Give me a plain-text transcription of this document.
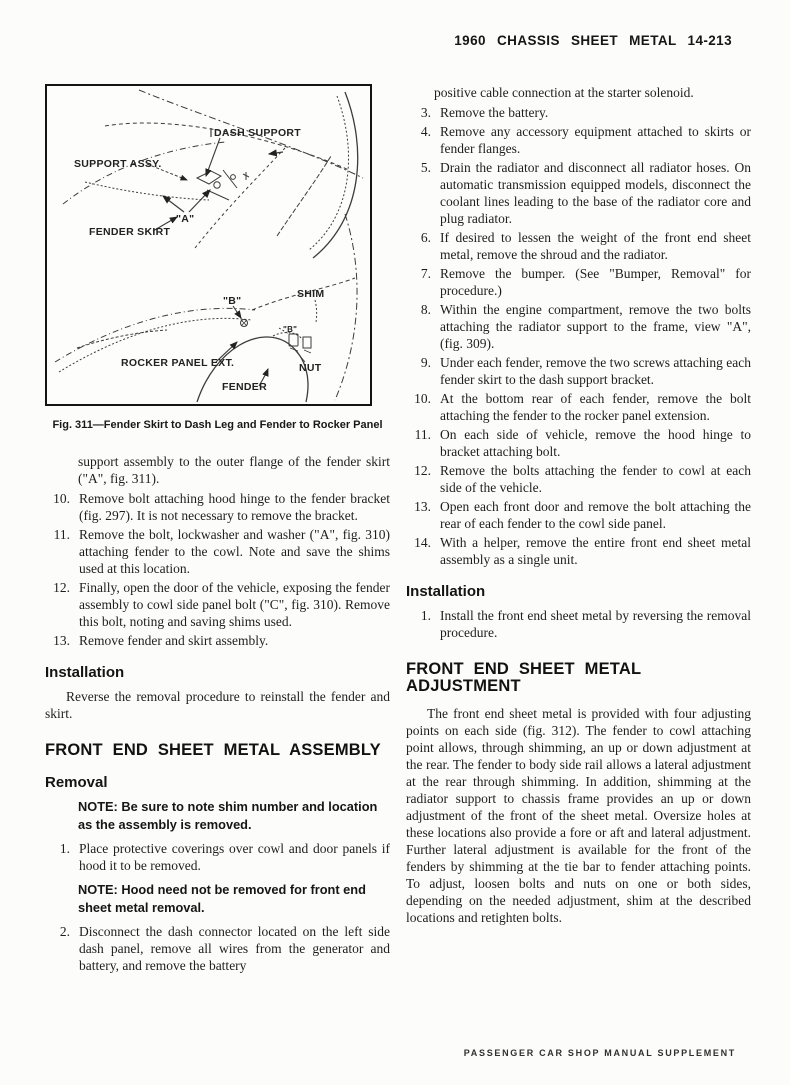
1960 CHASSIS SHEET METAL 14-213
DASH SUPPORT
SUPPORT ASSY.
"A"
FENDER SKIRT
"B"
SHIM
"B"
ROCKER PANEL EXT.	NUT
FENDER
Fig. 311—Fender Skirt to Dash Leg and Fender to Rocker Panel

support assembly to the outer flange of the fender skirt ("A", fig. 311).

10. Remove bolt attaching hood hinge to the fender bracket (fig. 297). It is not necessary to remove the bracket.
11. Remove the bolt, lockwasher and washer ("A", fig. 310) attaching fender to the cowl. Note and save the shims used at this location.
12. Finally, open the door of the vehicle, exposing the fender assembly to cowl side panel bolt ("C", fig. 310). Remove this bolt, noting and saving shims used.
13. Remove fender and skirt assembly.
Installation

Reverse the removal procedure to reinstall the fender and skirt.

FRONT END SHEET METAL ASSEMBLY
Removal
NOTE: Be sure to note shim number and location as the assembly is removed.
1. Place protective coverings over cowl and door panels if hood it to be removed.
NOTE: Hood need not be removed for front end sheet metal removal.
2. Disconnect the dash connector located on the left side dash panel, remove all wires from the generator and battery, and remove the battery

positive cable connection at the starter solenoid.

3. Remove the battery.
4. Remove any accessory equipment attached to skirts or fender flanges.
5. Drain the radiator and disconnect all radiator hoses. On automatic transmission equipped models, disconnect the coolant lines leading to the base of the radiator core and plug radiator.
6. If desired to lessen the weight of the front end sheet metal, remove the shroud and the radiator.
7. Remove the bumper. (See "Bumper, Removal" for procedure.)
8. Within the engine compartment, remove the two bolts attaching the radiator support to the frame, view "A", (fig. 309).
9. Under each fender, remove the two screws attaching each fender skirt to the dash support bracket.
10. At the bottom rear of each fender, remove the bolt attaching the fender to the rocker panel extension.
11. On each side of vehicle, remove the hood hinge to bracket attaching bolt.
12. Remove the bolts attaching the fender to cowl at each side of the vehicle.
13. Open each front door and remove the bolt attaching the rear of each fender to the cowl side panel.
14. With a helper, remove the entire front end sheet metal assembly as a single unit.
Installation
1. Install the front end sheet metal by reversing the removal procedure.
FRONT END SHEET METAL ADJUSTMENT

The front end sheet metal is provided with four adjusting points on each side (fig. 312). The fender to cowl attaching point allows, through shimming, an up or down adjustment at the rear. The fender to body side rail allows a lateral adjustment at the rear through shimming. In addition, shimming at the radiator support to chassis frame provides an up or down adjustment of the front of the sheet metal. Oversize holes at these locations also provide a fore or aft and lateral adjustment. Further lateral adjustment is available for the front of the fenders by shimming at the tie bar to fender attaching points. To adjust, loosen bolts and nuts on one or both sides, depending on the needed adjustment, shim at the described locations and retighten bolts.

PASSENGER CAR SHOP MANUAL SUPPLEMENT
